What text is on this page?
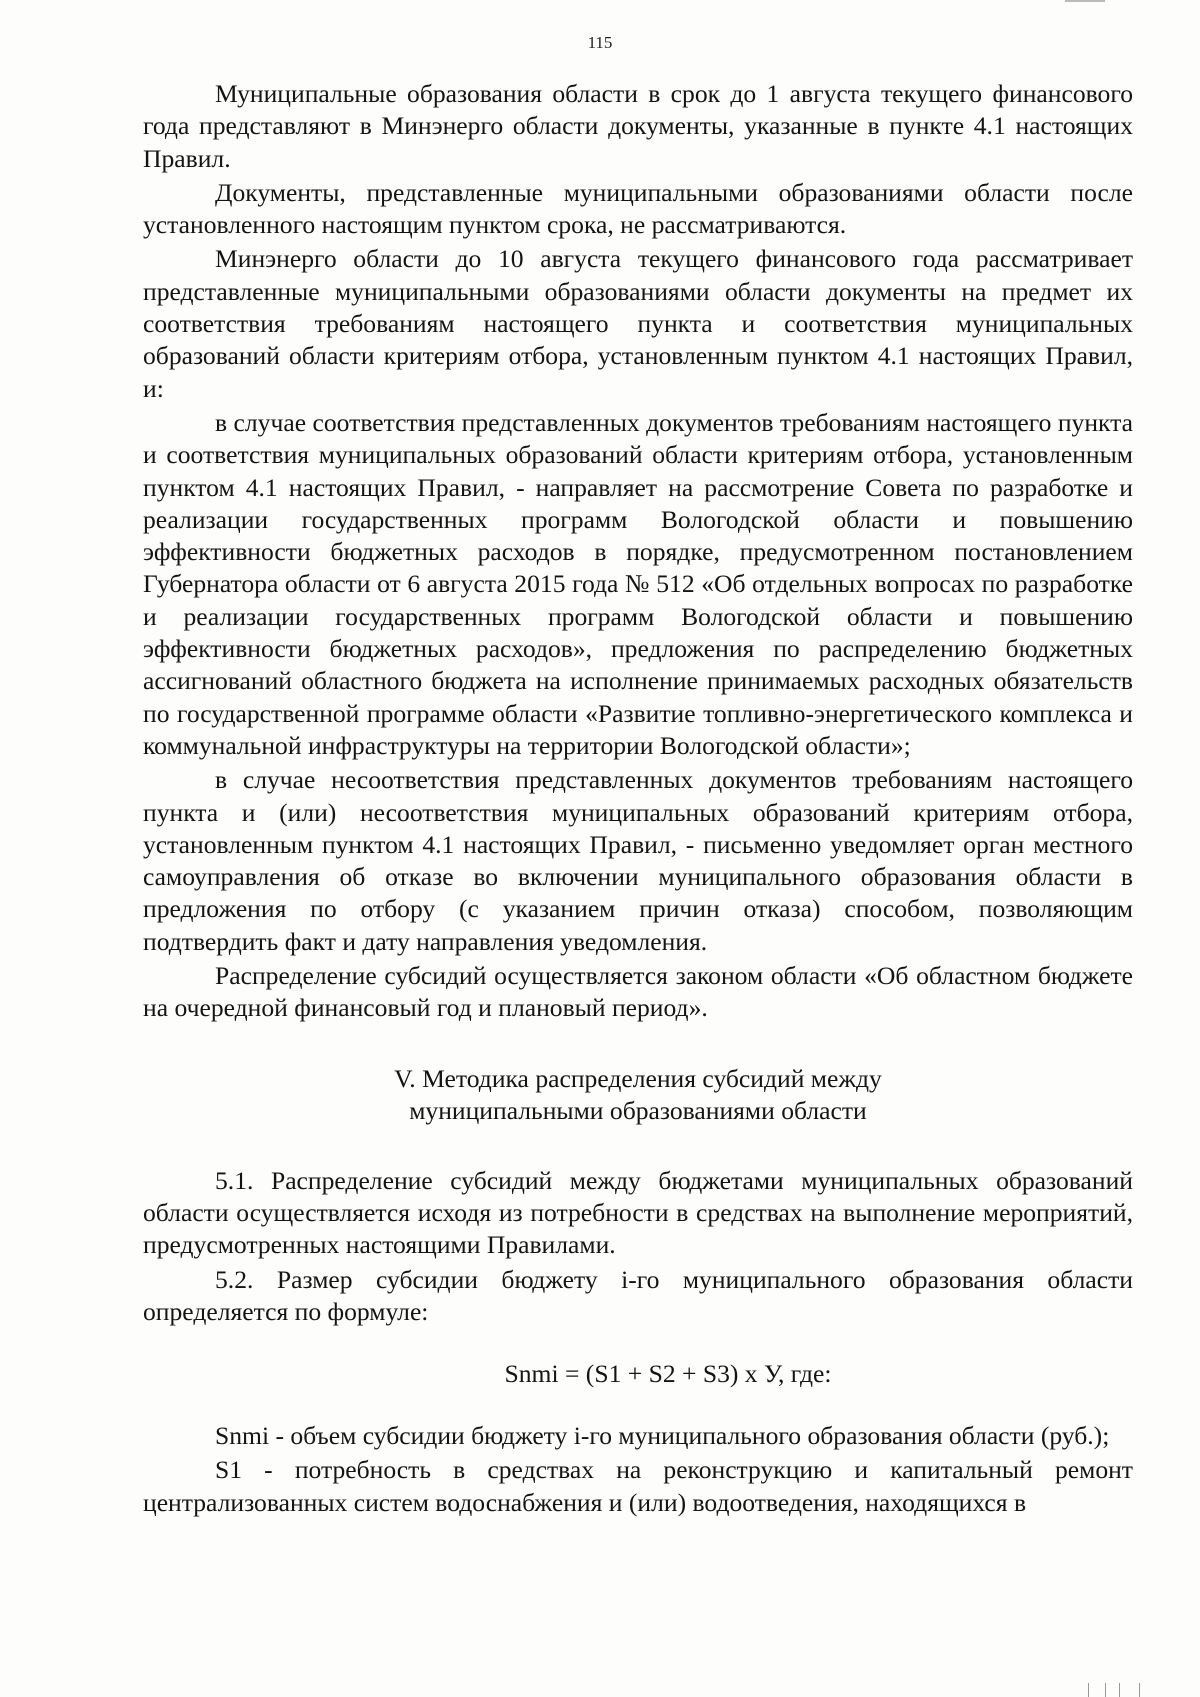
115

Муниципальные образования области в срок до 1 августа текущего финансового года представляют в Минэнерго области документы, указанные в пункте 4.1 настоящих Правил.

Документы, представленные муниципальными образованиями области после установленного настоящим пунктом срока, не рассматриваются.

Минэнерго области до 10 августа текущего финансового года рассматривает представленные муниципальными образованиями области документы на предмет их соответствия требованиям настоящего пункта и соответствия муниципальных образований области критериям отбора, установленным пунктом 4.1 настоящих Правил, и:

в случае соответствия представленных документов требованиям настоящего пункта и соответствия муниципальных образований области критериям отбора, установленным пунктом 4.1 настоящих Правил, - направляет на рассмотрение Совета по разработке и реализации государственных программ Вологодской области и повышению эффективности бюджетных расходов в порядке, предусмотренном постановлением Губернатора области от 6 августа 2015 года № 512 «Об отдельных вопросах по разработке и реализации государственных программ Вологодской области и повышению эффективности бюджетных расходов», предложения по распределению бюджетных ассигнований областного бюджета на исполнение принимаемых расходных обязательств по государственной программе области «Развитие топливно-энергетического комплекса и коммунальной инфраструктуры на территории Вологодской области»;

в случае несоответствия представленных документов требованиям настоящего пункта и (или) несоответствия муниципальных образований критериям отбора, установленным пунктом 4.1 настоящих Правил, - письменно уведомляет орган местного самоуправления об отказе во включении муниципального образования области в предложения по отбору (с указанием причин отказа) способом, позволяющим подтвердить факт и дату направления уведомления.

Распределение субсидий осуществляется законом области «Об областном бюджете на очередной финансовый год и плановый период».

V. Методика распределения субсидий между
муниципальными образованиями области

5.1. Распределение субсидий между бюджетами муниципальных образований области осуществляется исходя из потребности в средствах на выполнение мероприятий, предусмотренных настоящими Правилами.

5.2. Размер субсидии бюджету i-го муниципального образования области определяется по формуле:

Snmi = (S1 + S2 + S3) х У, где:

Snmi - объем субсидии бюджету i-го муниципального образования области (руб.);

S1 - потребность в средствах на реконструкцию и капитальный ремонт централизованных систем водоснабжения и (или) водоотведения, находящихся в
